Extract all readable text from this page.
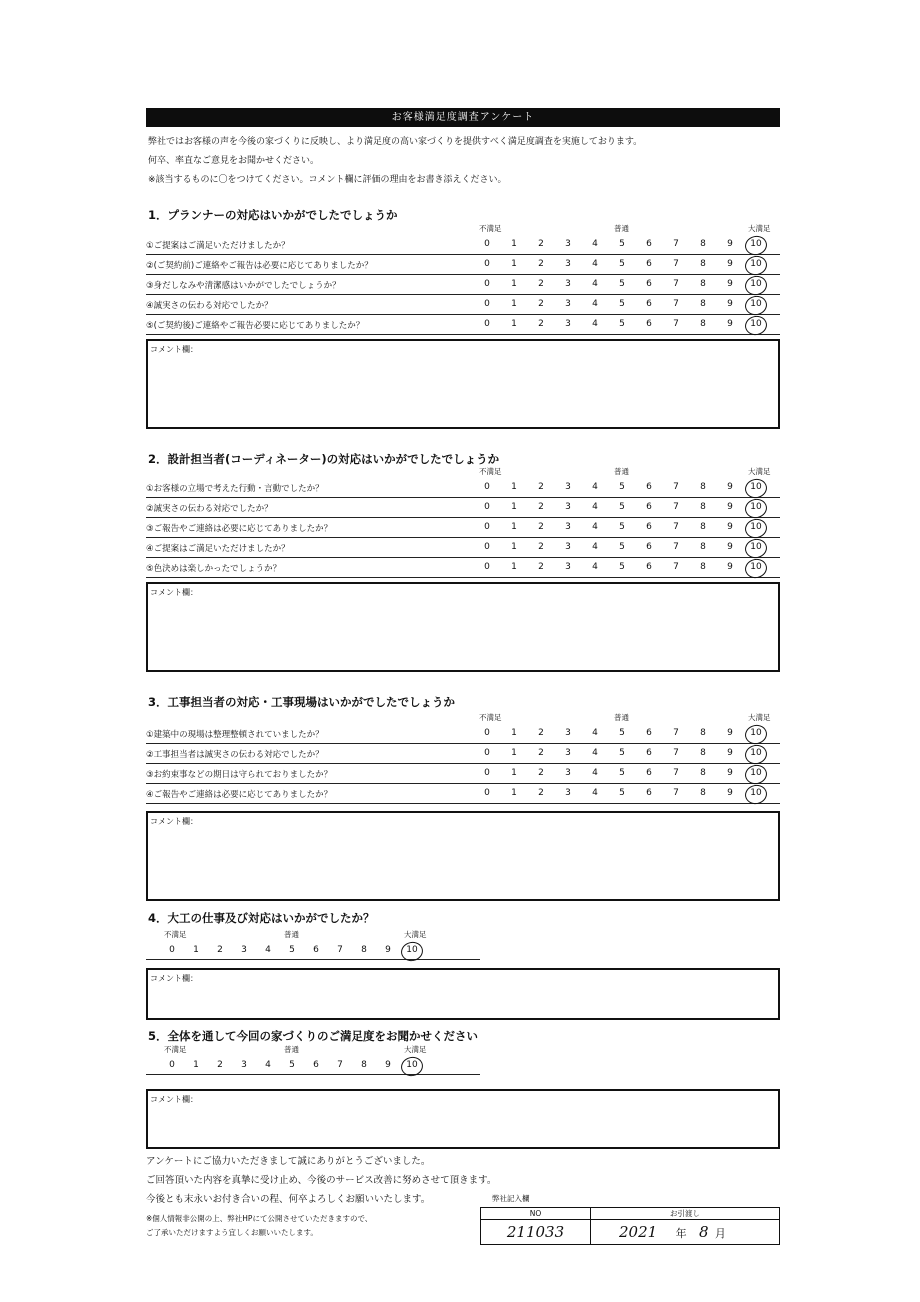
お客様満足度調査アンケート
弊社ではお客様の声を今後の家づくりに反映し、より満足度の高い家づくりを提供すべく満足度調査を実施しております。
何卒、率直なご意見をお聞かせください。
※該当するものに〇をつけてください。コメント欄に評価の理由をお書き添えください。
1．プランナーの対応はいかがでしたでしょうか
2．設計担当者(コーディネーター)の対応はいかがでしたでしょうか
3．工事担当者の対応・工事現場はいかがでしたでしょうか
4．大工の仕事及び対応はいかがでしたか？
5．全体を通して今回の家づくりのご満足度をお聞かせください
アンケートにご協力いただきまして誠にありがとうございました。
ご回答頂いた内容を真摯に受け止め、今後のサービス改善に努めさせて頂きます。
今後とも末永いお付き合いの程、何卒よろしくお願いいたします。
※個人情報非公開の上、弊社HPにて公開させていただきますので、
ご了承いただけますよう宜しくお願いいたします。
弊社記入欄
NO	お引渡し
211033	2021 年 8 月
不満足	普通	大満足
①ご提案はご満足いただけましたか？	0	1	2	3	4	5	6	7	8	9	10
②(ご契約前)ご連絡やご報告は必要に応じてありましたか？	0	1	2	3	4	5	6	7	8	9	10
③身だしなみや清潔感はいかがでしたでしょうか？	0	1	2	3	4	5	6	7	8	9	10
④誠実さの伝わる対応でしたか？	0	1	2	3	4	5	6	7	8	9	10
⑤(ご契約後)ご連絡やご報告必要に応じてありましたか？	0	1	2	3	4	5	6	7	8	9	10
コメント欄：
不満足	普通	大満足
①お客様の立場で考えた行動・言動でしたか？	0	1	2	3	4	5	6	7	8	9	10
②誠実さの伝わる対応でしたか？	0	1	2	3	4	5	6	7	8	9	10
③ご報告やご連絡は必要に応じてありましたか？	0	1	2	3	4	5	6	7	8	9	10
④ご提案はご満足いただけましたか？	0	1	2	3	4	5	6	7	8	9	10
⑤色決めは楽しかったでしょうか？	0	1	2	3	4	5	6	7	8	9	10
コメント欄：
不満足	普通	大満足
①建築中の現場は整理整頓されていましたか？	0	1	2	3	4	5	6	7	8	9	10
②工事担当者は誠実さの伝わる対応でしたか？	0	1	2	3	4	5	6	7	8	9	10
③お約束事などの期日は守られておりましたか？	0	1	2	3	4	5	6	7	8	9	10
④ご報告やご連絡は必要に応じてありましたか？	0	1	2	3	4	5	6	7	8	9	10
コメント欄：
不満足	普通	大満足
0	1	2	3	4	5	6	7	8	9	10
コメント欄：
不満足	普通	大満足
0	1	2	3	4	5	6	7	8	9	10
コメント欄：
